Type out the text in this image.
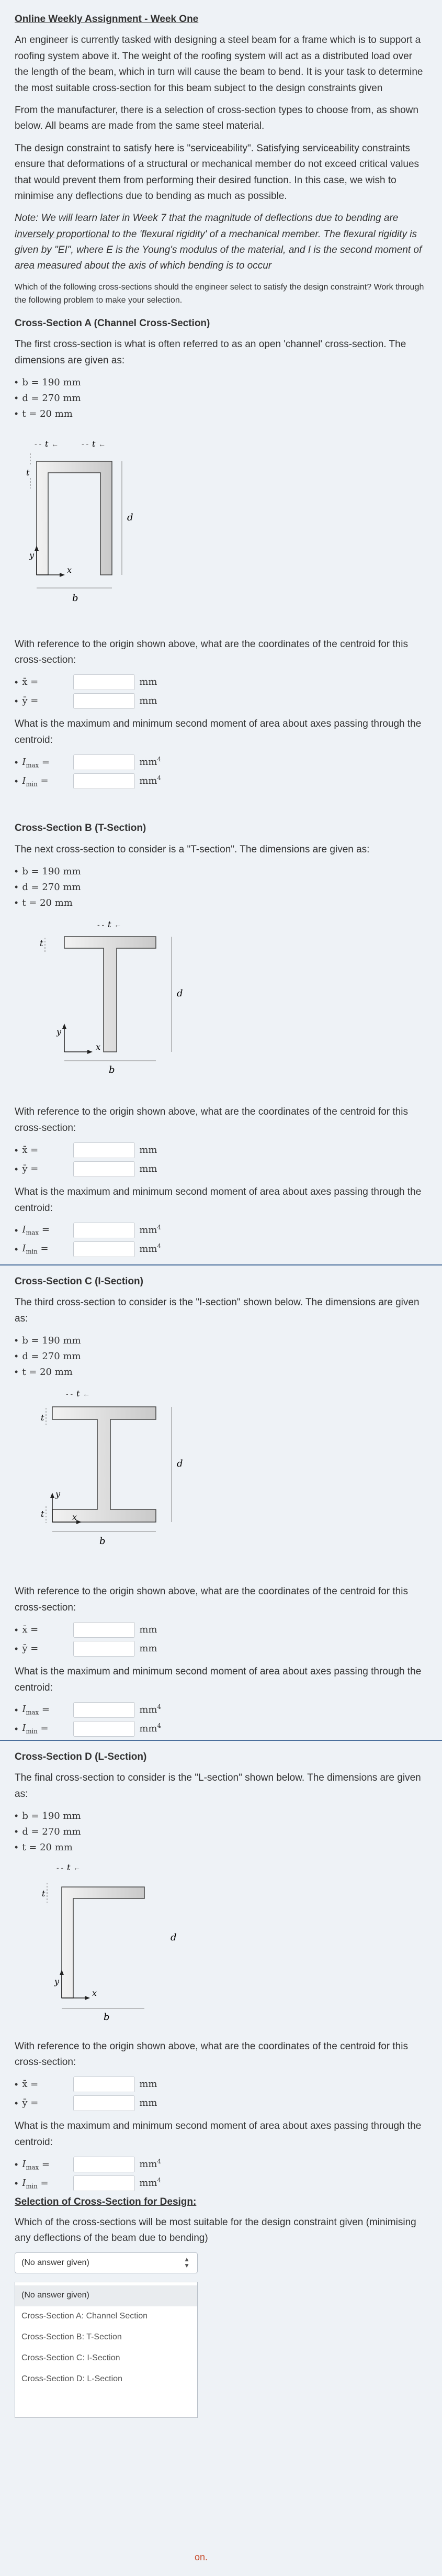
Online Weekly Assignment - Week One

An engineer is currently tasked with designing a steel beam for a frame which is to support a roofing system above it. The weight of the roofing system will act as a distributed load over the length of the beam, which in turn will cause the beam to bend. It is your task to determine the most suitable cross-section for this beam subject to the design constraints given

From the manufacturer, there is a selection of cross-section types to choose from, as shown below. All beams are made from the same steel material.

The design constraint to satisfy here is "serviceability". Satisfying serviceability constraints ensure that deformations of a structural or mechanical member do not exceed critical values that would prevent them from performing their desired function. In this case, we wish to minimise any deflections due to bending as much as possible.

Note: We will learn later in Week 7 that the magnitude of deflections due to bending are inversely proportional to the 'flexural rigidity' of a mechanical member. The flexural rigidity is given by "EI", where E is the Young's modulus of the material, and I is the second moment of area measured about the axis of which bending is to occur

Which of the following cross-sections should the engineer select to satisfy the design constraint? Work through the following problem to make your selection.

Cross-Section A (Channel Cross-Section)

The first cross-section is what is often referred to as an open 'channel' cross-section. The dimensions are given as:

• b = 190 mm
• d = 270 mm
• t = 20 mm
- - t ←	- - t ←
t
d
y
x
b

With reference to the origin shown above, what are the coordinates of the centroid for this cross-section:

• x̄ =	mm
• ȳ =	mm

What is the maximum and minimum second moment of area about axes passing through the centroid:

• $I_{max}$ =	$mm^4$
• $I_{min}$ =	$mm^4$
Cross-Section B (T-Section)

The next cross-section to consider is a "T-section". The dimensions are given as:

• b = 190 mm
• d = 270 mm
• t = 20 mm
- - t ←
t
d
y
x
b

With reference to the origin shown above, what are the coordinates of the centroid for this cross-section:

• x̄ =	mm
• ȳ =	mm

What is the maximum and minimum second moment of area about axes passing through the centroid:

• $I_{max}$ =	$mm^4$
• $I_{min}$ =	$mm^4$
Cross-Section C (I-Section)

The third cross-section to consider is the "I-section" shown below. The dimensions are given as:

• b = 190 mm
• d = 270 mm
• t = 20 mm
- - t ←
t
t
d
y
x
b

With reference to the origin shown above, what are the coordinates of the centroid for this cross-section:

• x̄ =	mm
• ȳ =	mm

What is the maximum and minimum second moment of area about axes passing through the centroid:

• $I_{max}$ =	$mm^4$
• $I_{min}$ =	$mm^4$
Cross-Section D (L-Section)

The final cross-section to consider is the "L-section" shown below. The dimensions are given as:

• b = 190 mm
• d = 270 mm
• t = 20 mm
- - t ←
t
y
x
d
b

With reference to the origin shown above, what are the coordinates of the centroid for this cross-section:

• x̄ =	mm
• ȳ =	mm

What is the maximum and minimum second moment of area about axes passing through the centroid:

• $I_{max}$ =	$mm^4$
• $I_{min}$ =	$mm^4$
Selection of Cross-Section for Design:

Which of the cross-sections will be most suitable for the design constraint given (minimising any deflections of the beam due to bending)

(No answer given)	▲
▼
(No answer given)
Cross-Section A: Channel Section
Cross-Section B: T-Section
Cross-Section C: I-Section
Cross-Section D: L-Section
on.
